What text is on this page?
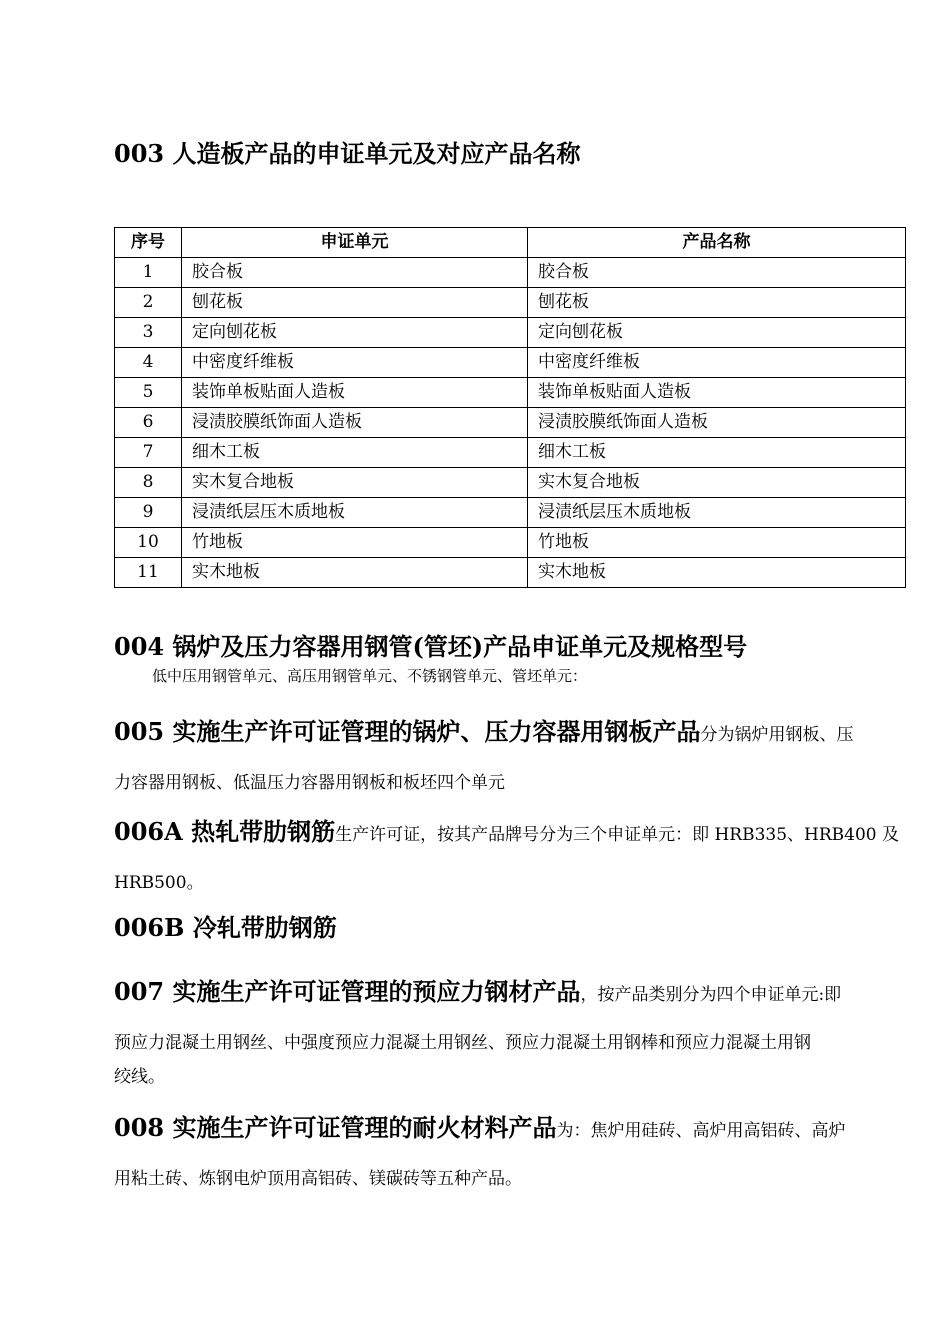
003 人造板产品的申证单元及对应产品名称
序号	申证单元	产品名称
1	胶合板	胶合板
2	刨花板	刨花板
3	定向刨花板	定向刨花板
4	中密度纤维板	中密度纤维板
5	装饰单板贴面人造板	装饰单板贴面人造板
6	浸渍胶膜纸饰面人造板	浸渍胶膜纸饰面人造板
7	细木工板	细木工板
8	实木复合地板	实木复合地板
9	浸渍纸层压木质地板	浸渍纸层压木质地板
10	竹地板	竹地板
11	实木地板	实木地板
004 锅炉及压力容器用钢管(管坯)产品申证单元及规格型号
低中压用钢管单元、高压用钢管单元、不锈钢管单元、管坯单元：
005 实施生产许可证管理的锅炉、压力容器用钢板产品分为锅炉用钢板、压
力容器用钢板、低温压力容器用钢板和板坯四个单元
006A 热轧带肋钢筋生产许可证，按其产品牌号分为三个申证单元：即 HRB335、HRB400 及
HRB500。
006B 冷轧带肋钢筋
007 实施生产许可证管理的预应力钢材产品，按产品类别分为四个申证单元:即
预应力混凝土用钢丝、中强度预应力混凝土用钢丝、预应力混凝土用钢棒和预应力混凝土用钢
绞线。
008 实施生产许可证管理的耐火材料产品为：焦炉用硅砖、高炉用高铝砖、高炉
用粘土砖、炼钢电炉顶用高铝砖、镁碳砖等五种产品。
